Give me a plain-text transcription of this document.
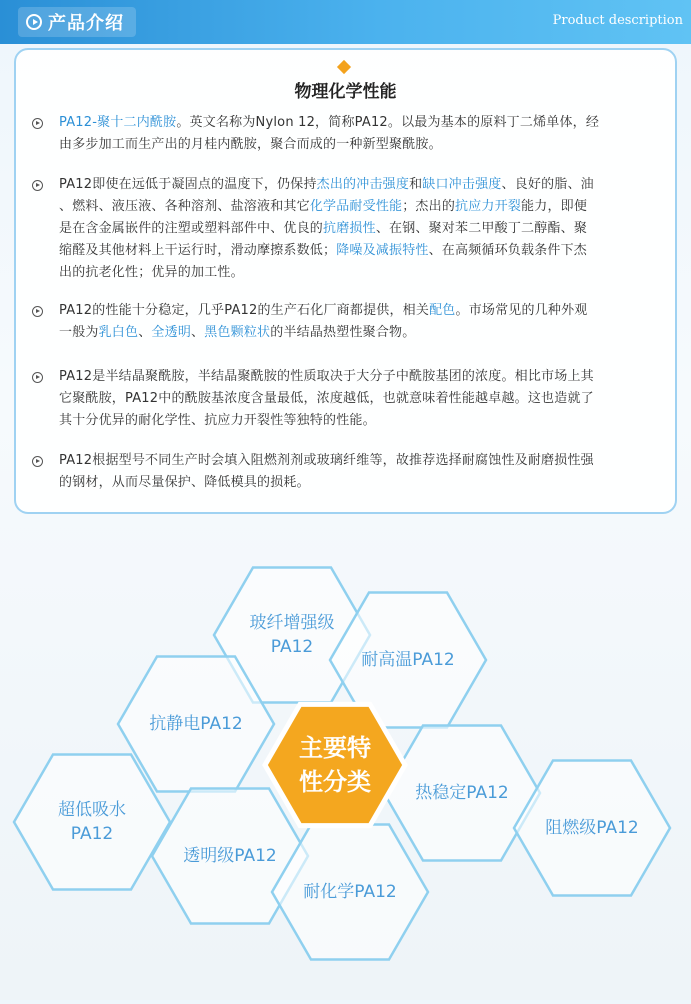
产品介绍	Product description
物理化学性能
PA12-聚十二内酰胺。英文名称为Nylon 12，简称PA12。以最为基本的原料丁二烯单体，经
由多步加工而生产出的月桂内酰胺，聚合而成的一种新型聚酰胺。
PA12即使在远低于凝固点的温度下，仍保持杰出的冲击强度和缺口冲击强度、良好的脂、油
、燃料、液压液、各种溶剂、盐溶液和其它化学品耐受性能；杰出的抗应力开裂能力，即便
是在含金属嵌件的注塑或塑料部件中、优良的抗磨损性、在钢、聚对苯二甲酸丁二醇酯、聚
缩醛及其他材料上干运行时，滑动摩擦系数低；降噪及减振特性、在高频循环负载条件下杰
出的抗老化性；优异的加工性。
PA12的性能十分稳定，几乎PA12的生产石化厂商都提供，相关配色。市场常见的几种外观
一般为乳白色、全透明、黑色颗粒状的半结晶热塑性聚合物。
PA12是半结晶聚酰胺，半结晶聚酰胺的性质取决于大分子中酰胺基团的浓度。相比市场上其
它聚酰胺，PA12中的酰胺基浓度含量最低，浓度越低，也就意味着性能越卓越。这也造就了
其十分优异的耐化学性、抗应力开裂性等独特的性能。
PA12根据型号不同生产时会填入阻燃剂剂或玻璃纤维等，故推荐选择耐腐蚀性及耐磨损性强
的钢材，从而尽量保护、降低模具的损耗。
主要特
性分类
玻纤增强级
PA12
耐高温PA12
抗静电PA12
热稳定PA12
超低吸水
PA12	阻燃级PA12
透明级PA12
耐化学PA12
